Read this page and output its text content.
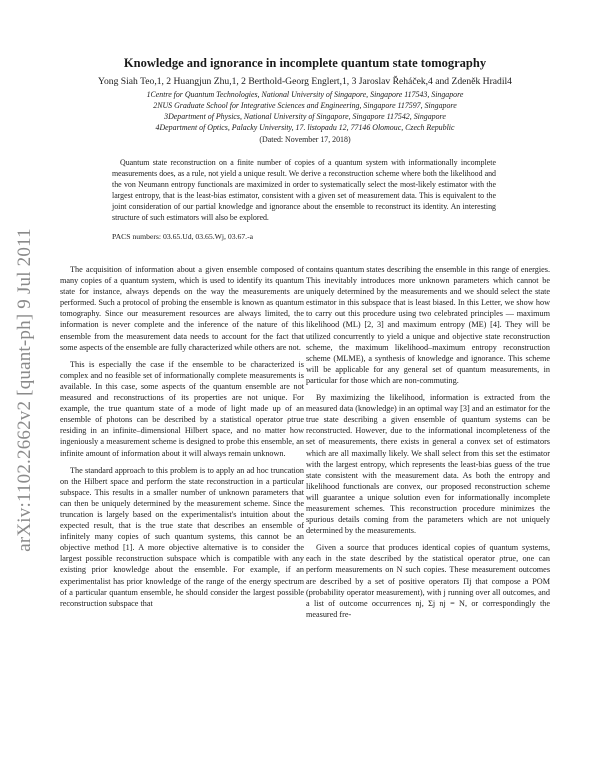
arXiv:1102.2662v2 [quant-ph] 9 Jul 2011
Knowledge and ignorance in incomplete quantum state tomography
Yong Siah Teo,1, 2 Huangjun Zhu,1, 2 Berthold-Georg Englert,1, 3 Jaroslav Řeháček,4 and Zdeněk Hradil4
1Centre for Quantum Technologies, National University of Singapore, Singapore 117543, Singapore
2NUS Graduate School for Integrative Sciences and Engineering, Singapore 117597, Singapore
3Department of Physics, National University of Singapore, Singapore 117542, Singapore
4Department of Optics, Palacky University, 17. listopadu 12, 77146 Olomouc, Czech Republic
(Dated: November 17, 2018)

Quantum state reconstruction on a finite number of copies of a quantum system with informationally incomplete measurements does, as a rule, not yield a unique result. We derive a reconstruction scheme where both the likelihood and the von Neumann entropy functionals are maximized in order to systematically select the most-likely estimator with the largest entropy, that is the least-bias estimator, consistent with a given set of measurement data. This is equivalent to the joint consideration of our partial knowledge and ignorance about the ensemble to reconstruct its identity. An interesting structure of such estimators will also be explored.

PACS numbers: 03.65.Ud, 03.65.Wj, 03.67.-a

The acquisition of information about a given ensemble composed of many copies of a quantum system, which is used to identify its quantum state for instance, always depends on the way the measurements are performed. Such a protocol of probing the ensemble is known as quantum tomography. Since our measurement resources are always limited, the information is never complete and the inference of the nature of this ensemble from the measurement data needs to account for the fact that some aspects of the ensemble are fully characterized while others are not.

This is especially the case if the ensemble to be characterized is complex and no feasible set of informationally complete measurements is available. In this case, some aspects of the quantum ensemble are not measured and reconstructions of its properties are not unique. For example, the true quantum state of a mode of light made up of an ensemble of photons can be described by a statistical operator ρtrue residing in an infinite–dimensional Hilbert space, and no matter how ingeniously a measurement scheme is designed to probe this ensemble, an infinite amount of information about it will always remain unknown.

The standard approach to this problem is to apply an ad hoc truncation on the Hilbert space and perform the state reconstruction in a particular subspace. This results in a smaller number of unknown parameters that can then be uniquely determined by the measurement scheme. Since the truncation is largely based on the experimentalist's intuition about the expected result, that is the true state that describes an ensemble of infinitely many copies of such quantum systems, this cannot be an objective method [1]. A more objective alternative is to consider the largest possible reconstruction subspace which is compatible with any existing prior knowledge about the ensemble. For example, if an experimentalist has prior knowledge of the range of the energy spectrum of a particular quantum ensemble, he should consider the largest possible reconstruction subspace that

contains quantum states describing the ensemble in this range of energies. This inevitably introduces more unknown parameters which cannot be uniquely determined by the measurements and we should select the state estimator in this subspace that is least biased. In this Letter, we show how to carry out this procedure using two celebrated principles — maximum likelihood (ML) [2, 3] and maximum entropy (ME) [4]. They will be utilized concurrently to yield a unique and objective state reconstruction scheme, the maximum likelihood–maximum entropy reconstruction scheme (MLME), a synthesis of knowledge and ignorance. This scheme will be applicable for any general set of quantum measurements, in particular for those which are non-commuting.

By maximizing the likelihood, information is extracted from the measured data (knowledge) in an optimal way [3] and an estimator for the true state describing a given ensemble of quantum systems can be reconstructed. However, due to the informational incompleteness of the set of measurements, there exists in general a convex set of estimators which are all maximally likely. We shall select from this set the estimator with the largest entropy, which represents the least-bias guess of the true state consistent with the measurement data. As both the entropy and likelihood functionals are convex, our proposed reconstruction scheme will guarantee a unique solution even for informationally incomplete measurement schemes. This reconstruction procedure minimizes the spurious details coming from the parameters which are not uniquely determined by the measurements.

Given a source that produces identical copies of quantum systems, each in the state described by the statistical operator ρtrue, one can perform measurements on N such copies. These measurement outcomes are described by a set of positive operators Πj that compose a POM (probability operator measurement), with j running over all outcomes, and a list of outcome occurrences nj, Σj nj = N, or correspondingly the measured fre-
